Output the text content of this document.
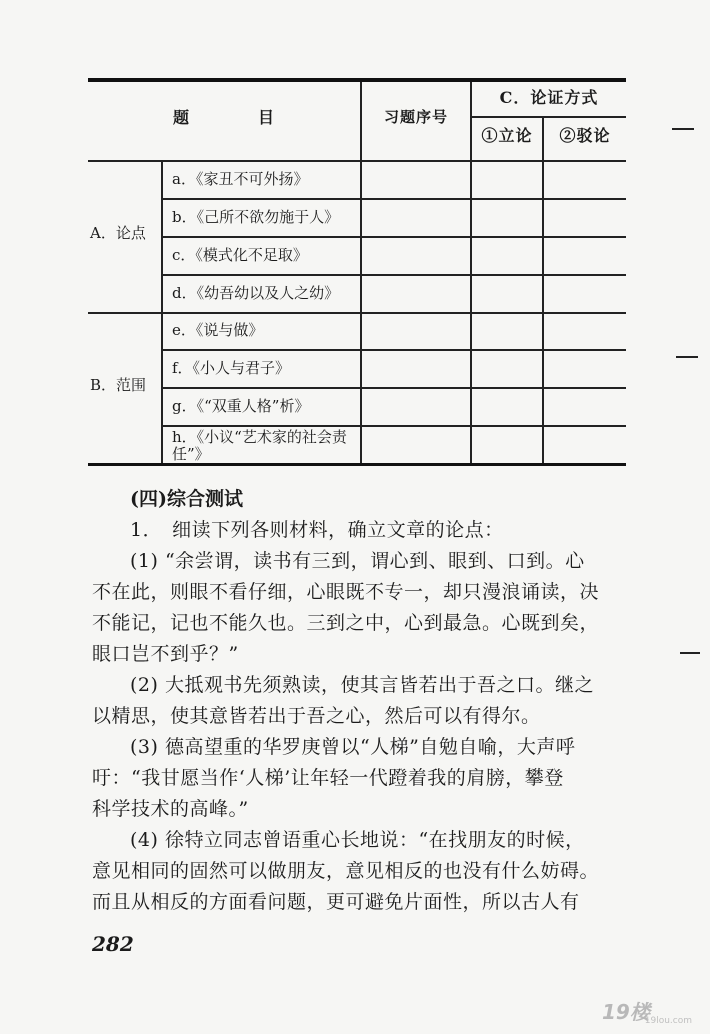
题　　　　目	习题序号
C．论证方式
①立论	②驳论
A．论点
B．范围
a．《家丑不可外扬》
b．《己所不欲勿施于人》
c．《模式化不足取》
d．《幼吾幼以及人之幼》
e．《说与做》
f．《小人与君子》
g．《“双重人格”析》
h．《小议“艺术家的社会责任”》
(四)综合测试
1．　细读下列各则材料，确立文章的论点：
(1) “余尝谓，读书有三到，谓心到、眼到、口到。心
不在此，则眼不看仔细，心眼既不专一，却只漫浪诵读，决
不能记，记也不能久也。三到之中，心到最急。心既到矣，
眼口岂不到乎？”
(2) 大抵观书先须熟读，使其言皆若出于吾之口。继之
以精思，使其意皆若出于吾之心，然后可以有得尔。
(3) 德高望重的华罗庚曾以“人梯”自勉自喻，大声呼
吁：“我甘愿当作‘人梯’让年轻一代蹬着我的肩膀，攀登
科学技术的高峰。”
(4) 徐特立同志曾语重心长地说：“在找朋友的时候，
意见相同的固然可以做朋友，意见相反的也没有什么妨碍。
而且从相反的方面看问题，更可避免片面性，所以古人有
282
19楼
19lou.com
